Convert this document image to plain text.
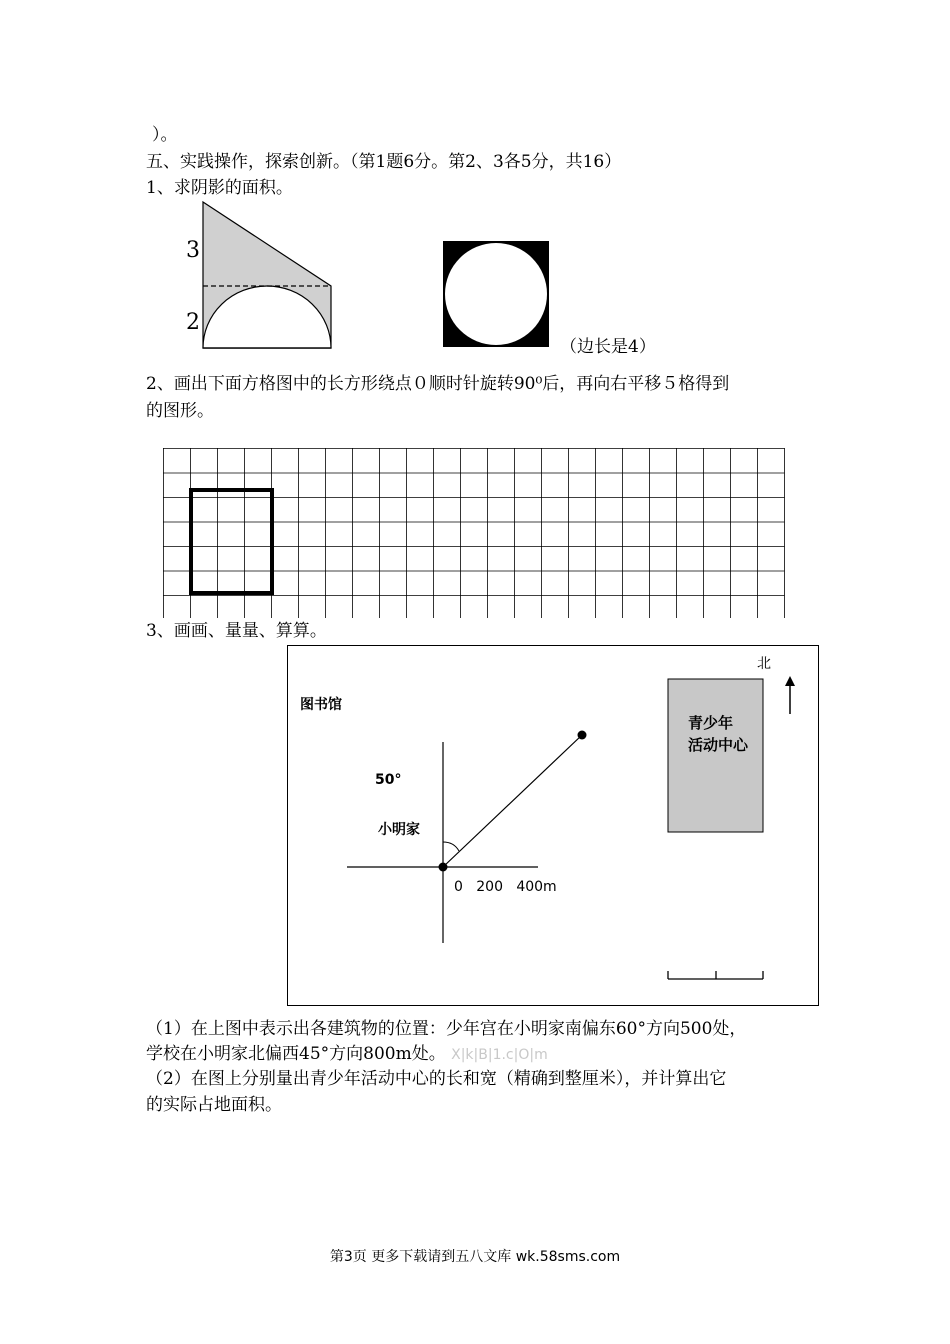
）。
五、实践操作，探索创新。（第1题6分。第2、3各5分，共16）
1、求阴影的面积。
3
2
（边长是4）
2、画出下面方格图中的长方形绕点０顺时针旋转90⁰后，再向右平移５格得到
的图形。
3、画画、量量、算算。
北
图书馆
50°
小明家
青少年
活动中心
0   200   400m
（1）在上图中表示出各建筑物的位置：少年宫在小明家南偏东60°方向500处，
学校在小明家北偏西45°方向800m处。 X|k|B|1.c|O|m
（2）在图上分别量出青少年活动中心的长和宽（精确到整厘米），并计算出它
的实际占地面积。
第3页 更多下载请到五八文库 wk.58sms.com
